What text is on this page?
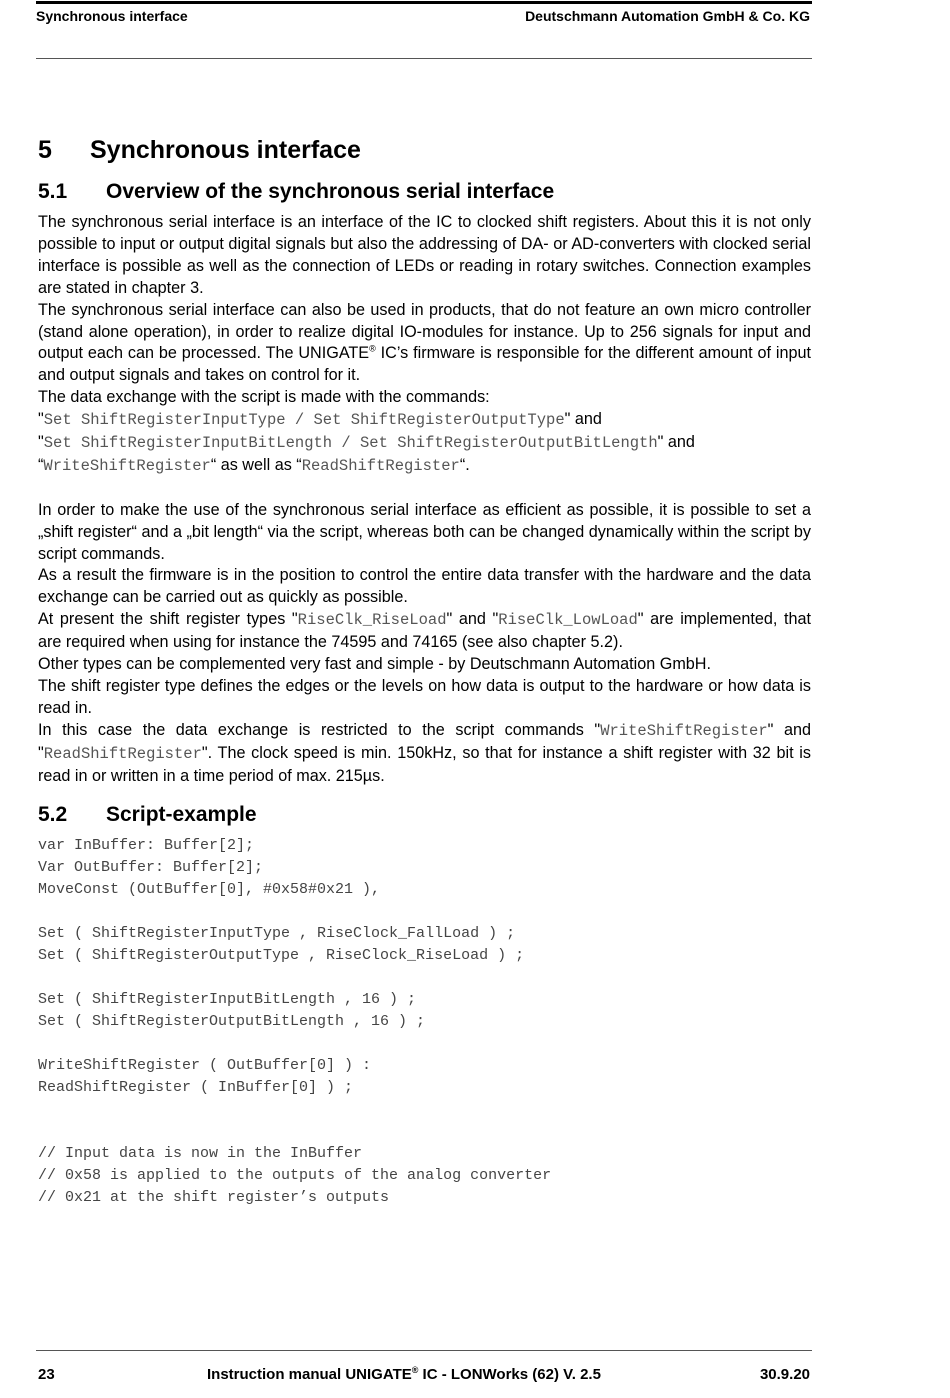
Synchronous interface	Deutschmann Automation GmbH & Co. KG
5 Synchronous interface
5.1 Overview of the synchronous serial interface

The synchronous serial interface is an interface of the IC to clocked shift registers. About this it is not only possible to input or output digital signals but also the addressing of DA- or AD-converters with clocked serial interface is possible as well as the connection of LEDs or reading in rotary switches. Connection examples are stated in chapter 3.

The synchronous serial interface can also be used in products, that do not feature an own micro controller (stand alone operation), in order to realize digital IO-modules for instance. Up to 256 signals for input and output each can be processed. The UNIGATE® IC’s firmware is responsible for the different amount of input and output signals and takes on control for it.

The data exchange with the script is made with the commands:

"Set ShiftRegisterInputType / Set ShiftRegisterOutputType" and

"Set ShiftRegisterInputBitLength / Set ShiftRegisterOutputBitLength" and

“WriteShiftRegister“ as well as “ReadShiftRegister“.

In order to make the use of the synchronous serial interface as efficient as possible, it is possible to set a „shift register“ and a „bit length“ via the script, whereas both can be changed dynamically within the script by script commands.

As a result the firmware is in the position to control the entire data transfer with the hardware and the data exchange can be carried out as quickly as possible.

At present the shift register types "RiseClk_RiseLoad" and "RiseClk_LowLoad" are implemented, that are required when using for instance the 74595 and 74165 (see also chapter 5.2).

Other types can be complemented very fast and simple - by Deutschmann Automation GmbH.

The shift register type defines the edges or the levels on how data is output to the hardware or how data is read in.

In this case the data exchange is restricted to the script commands "WriteShiftRegister" and "ReadShiftRegister". The clock speed is min. 150kHz, so that for instance a shift register with 32 bit is read in or written in a time period of max. 215µs.

5.2 Script-example
var InBuffer: Buffer[2];
Var OutBuffer: Buffer[2];
MoveConst (OutBuffer[0], #0x58#0x21 ),
Set ( ShiftRegisterInputType , RiseClock_FallLoad ) ;
Set ( ShiftRegisterOutputType , RiseClock_RiseLoad ) ;
Set ( ShiftRegisterInputBitLength , 16 ) ;
Set ( ShiftRegisterOutputBitLength , 16 ) ;
WriteShiftRegister ( OutBuffer[0] ) :
ReadShiftRegister ( InBuffer[0] ) ;
// Input data is now in the InBuffer
// 0x58 is applied to the outputs of the analog converter
// 0x21 at the shift register’s outputs
23	Instruction manual UNIGATE® IC - LONWorks (62) V. 2.5	30.9.20
